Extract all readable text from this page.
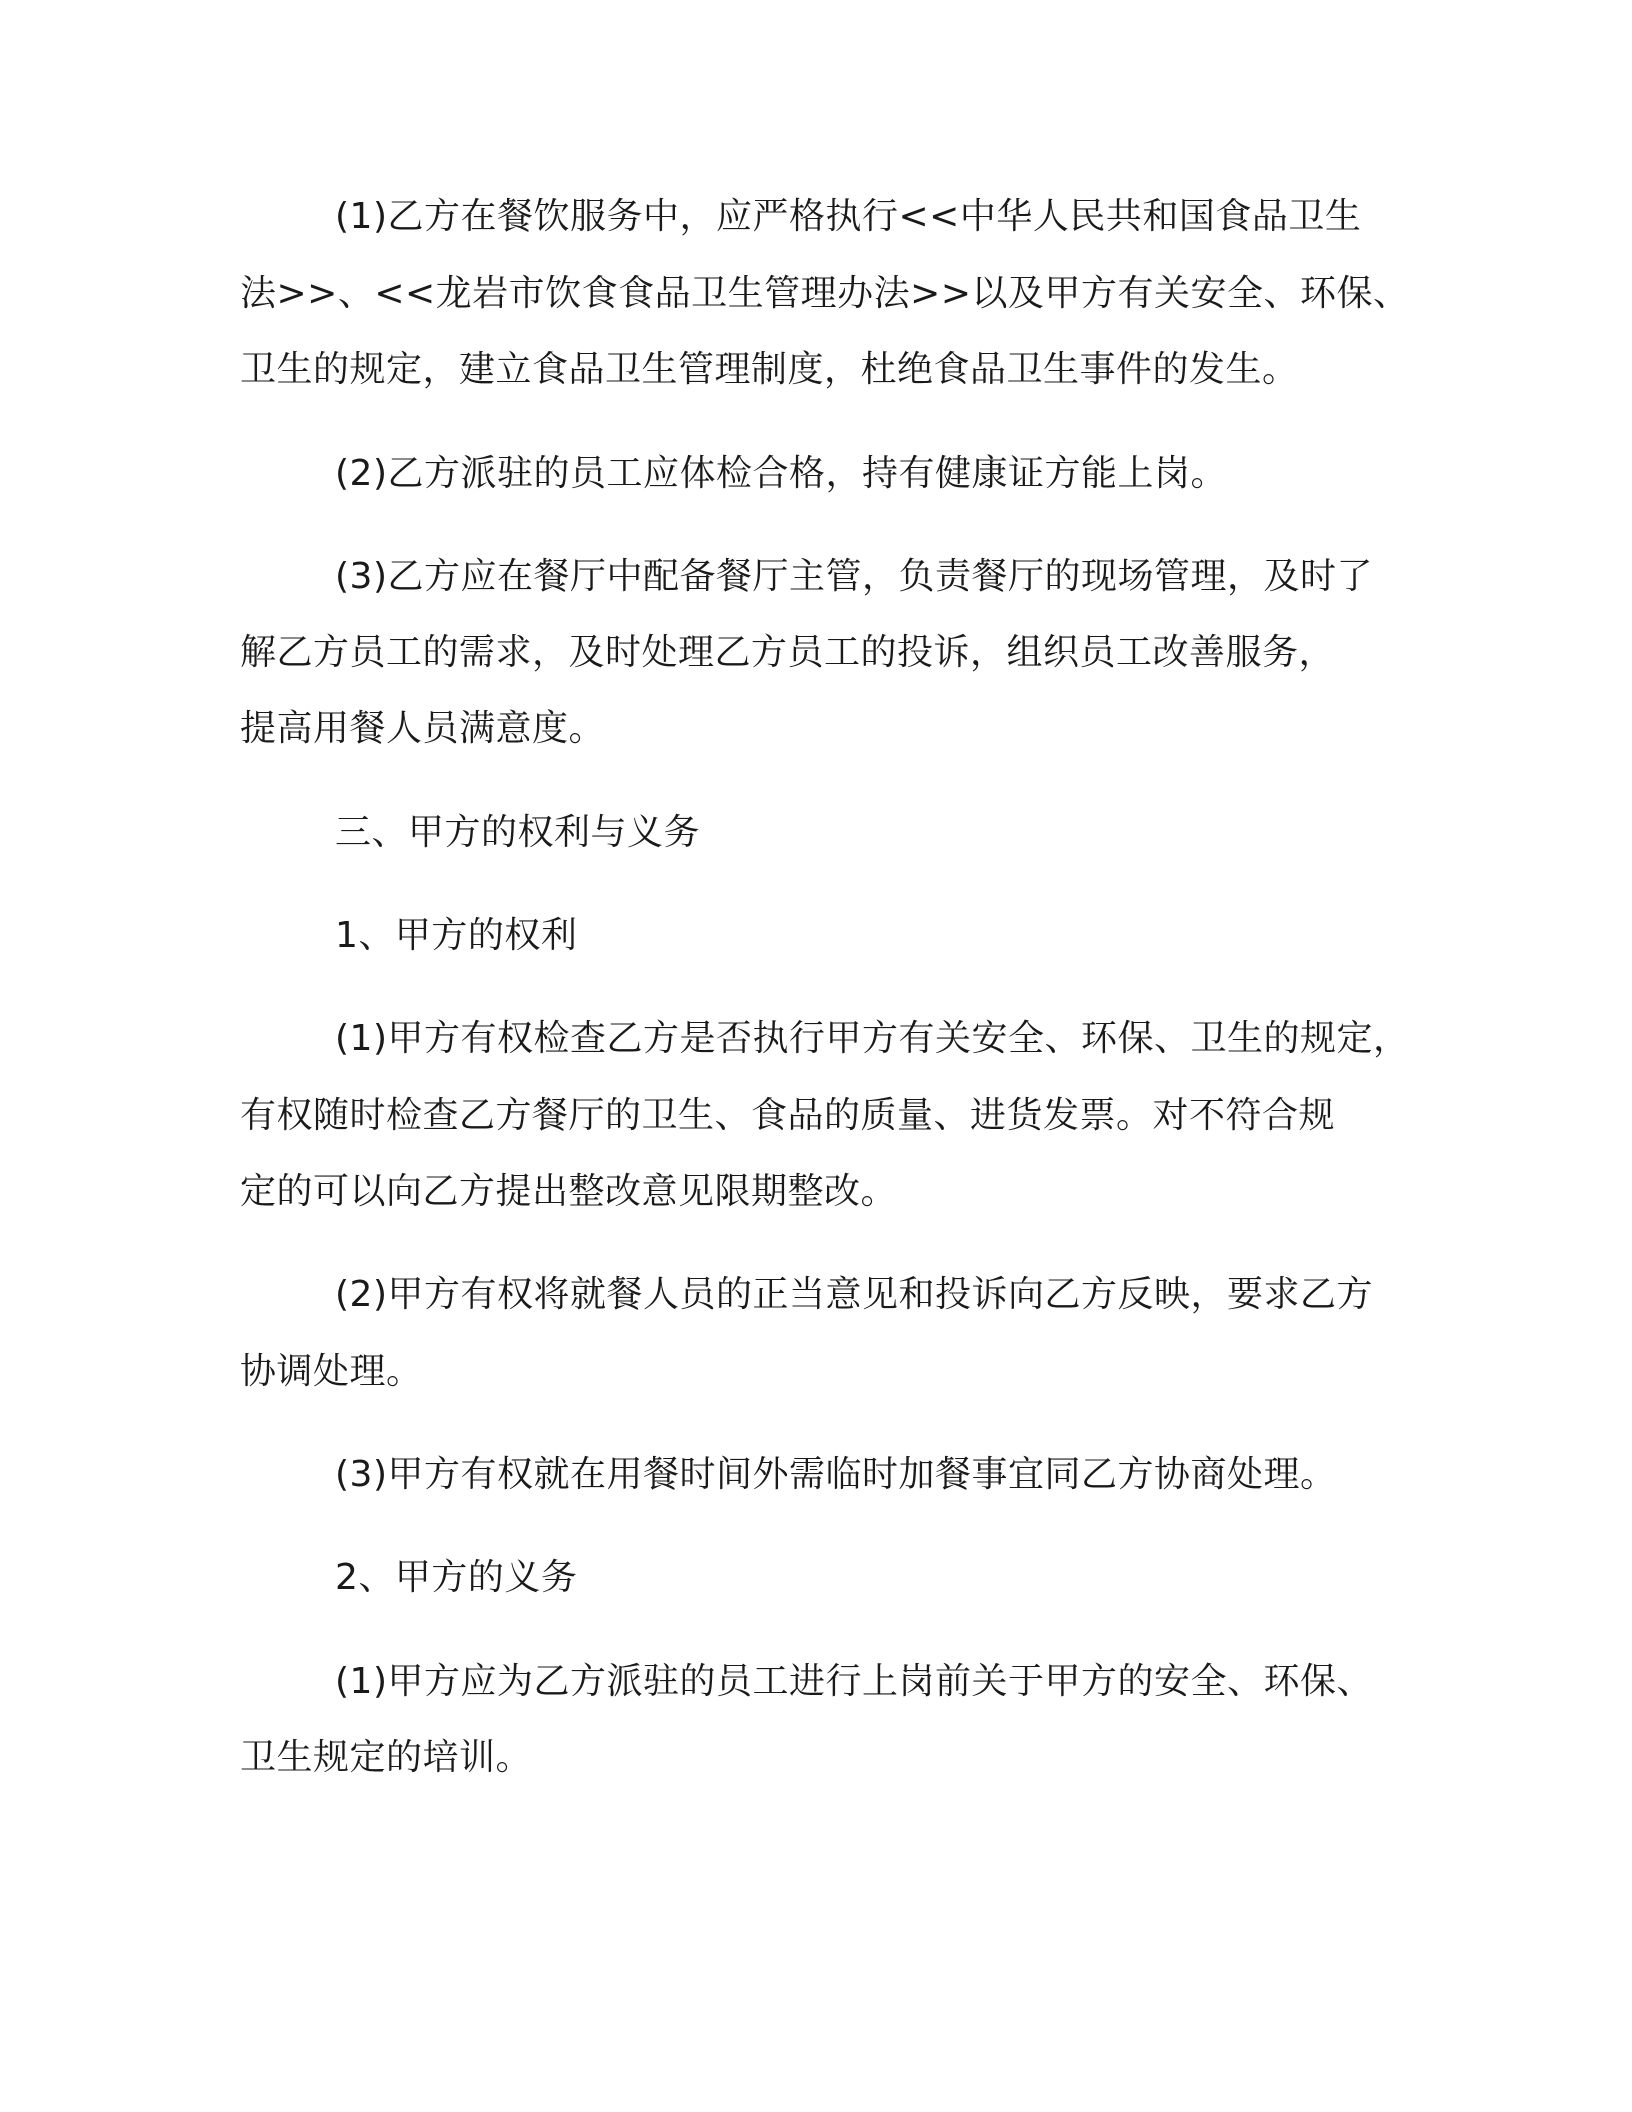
(1)乙方在餐饮服务中，应严格执行<<中华人民共和国食品卫生

法>>、<<龙岩市饮食食品卫生管理办法>>以及甲方有关安全、环保、

卫生的规定，建立食品卫生管理制度，杜绝食品卫生事件的发生。

(2)乙方派驻的员工应体检合格，持有健康证方能上岗。

(3)乙方应在餐厅中配备餐厅主管，负责餐厅的现场管理，及时了

解乙方员工的需求，及时处理乙方员工的投诉，组织员工改善服务，

提高用餐人员满意度。

三、甲方的权利与义务

1、甲方的权利

(1)甲方有权检查乙方是否执行甲方有关安全、环保、卫生的规定，

有权随时检查乙方餐厅的卫生、食品的质量、进货发票。对不符合规

定的可以向乙方提出整改意见限期整改。

(2)甲方有权将就餐人员的正当意见和投诉向乙方反映，要求乙方

协调处理。

(3)甲方有权就在用餐时间外需临时加餐事宜同乙方协商处理。

2、甲方的义务

(1)甲方应为乙方派驻的员工进行上岗前关于甲方的安全、环保、

卫生规定的培训。
